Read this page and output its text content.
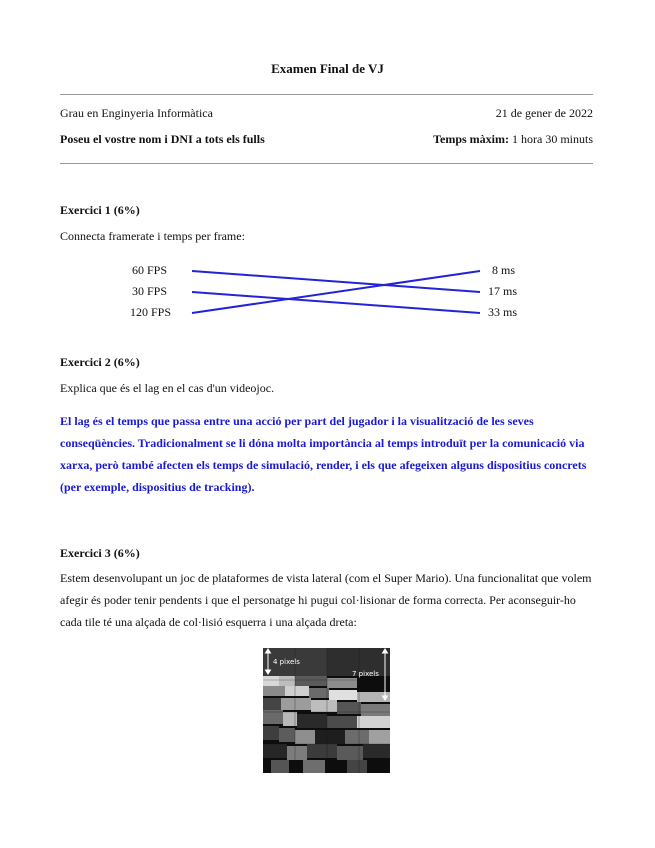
Examen Final de VJ
Grau en Enginyeria Informàtica	21 de gener de 2022
Poseu el vostre nom i DNI a tots els fulls	Temps màxim: 1 hora 30 minuts
Exercici 1 (6%)
Connecta framerate i temps per frame:
60 FPS
30 FPS
120 FPS
8 ms
17 ms
33 ms
Exercici 2 (6%)
Explica que és el lag en el cas d'un videojoc.
El lag és el temps que passa entre una acció per part del jugador i la visualització de les seves conseqüències. Tradicionalment se li dóna molta importància al temps introduït per la comunicació via xarxa, però també afecten els temps de simulació, render, i els que afegeixen alguns dispositius concrets (per exemple, dispositius de tracking).
Exercici 3 (6%)
Estem desenvolupant un joc de plataformes de vista lateral (com el Super Mario). Una funcionalitat que volem afegir és poder tenir pendents i que el personatge hi pugui col·lisionar de forma correcta. Per aconseguir-ho cada tile té una alçada de col·lisió esquerra i una alçada dreta:
4 pixels
7 pixels
